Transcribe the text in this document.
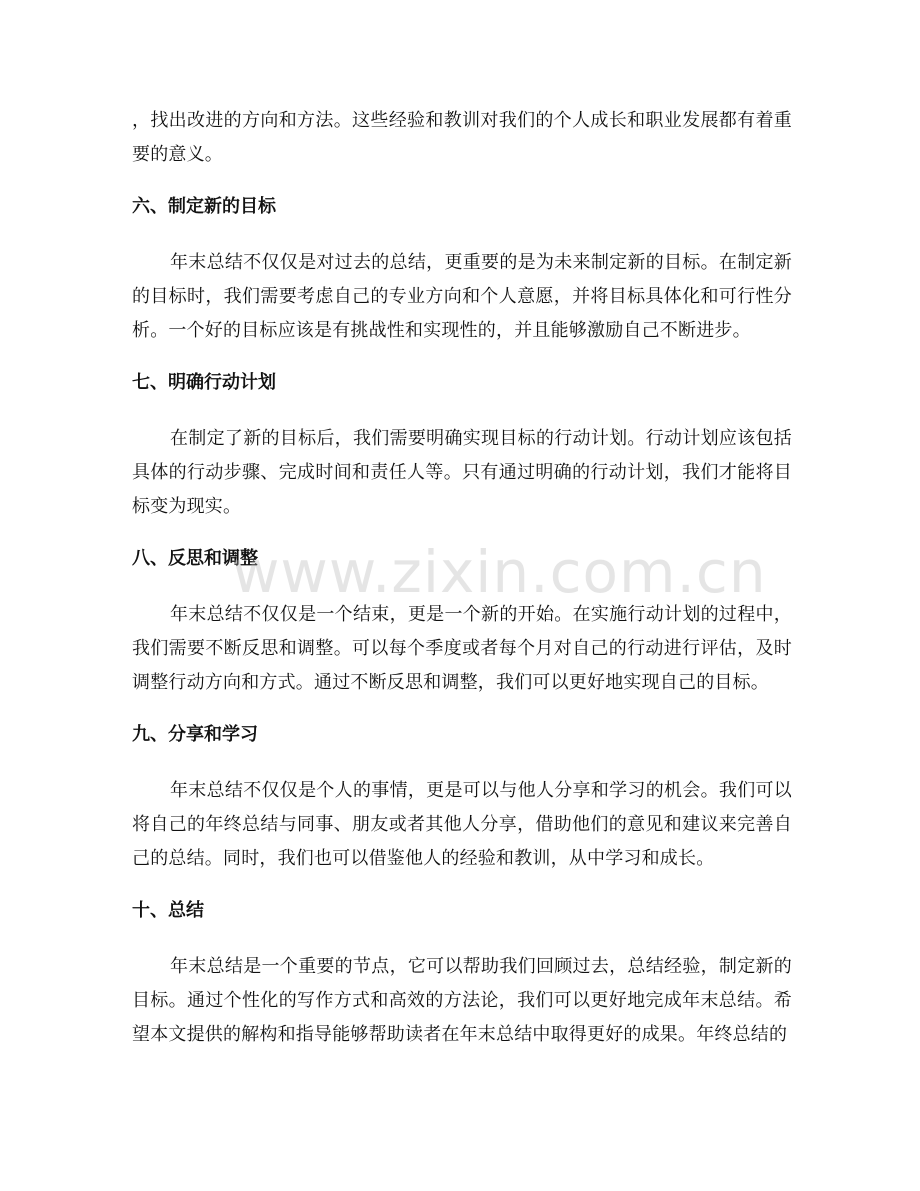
，找出改进的方向和方法。这些经验和教训对我们的个人成长和职业发展都有着重要的意义。

六、制定新的目标

年末总结不仅仅是对过去的总结，更重要的是为未来制定新的目标。在制定新的目标时，我们需要考虑自己的专业方向和个人意愿，并将目标具体化和可行性分析。一个好的目标应该是有挑战性和实现性的，并且能够激励自己不断进步。

七、明确行动计划

在制定了新的目标后，我们需要明确实现目标的行动计划。行动计划应该包括具体的行动步骤、完成时间和责任人等。只有通过明确的行动计划，我们才能将目标变为现实。

八、反思和调整

年末总结不仅仅是一个结束，更是一个新的开始。在实施行动计划的过程中，我们需要不断反思和调整。可以每个季度或者每个月对自己的行动进行评估，及时调整行动方向和方式。通过不断反思和调整，我们可以更好地实现自己的目标。

九、分享和学习

年末总结不仅仅是个人的事情，更是可以与他人分享和学习的机会。我们可以将自己的年终总结与同事、朋友或者其他人分享，借助他们的意见和建议来完善自己的总结。同时，我们也可以借鉴他人的经验和教训，从中学习和成长。

十、总结

年末总结是一个重要的节点，它可以帮助我们回顾过去，总结经验，制定新的目标。通过个性化的写作方式和高效的方法论，我们可以更好地完成年末总结。希望本文提供的解构和指导能够帮助读者在年末总结中取得更好的成果。年终总结的

www.zixin.com.cn
